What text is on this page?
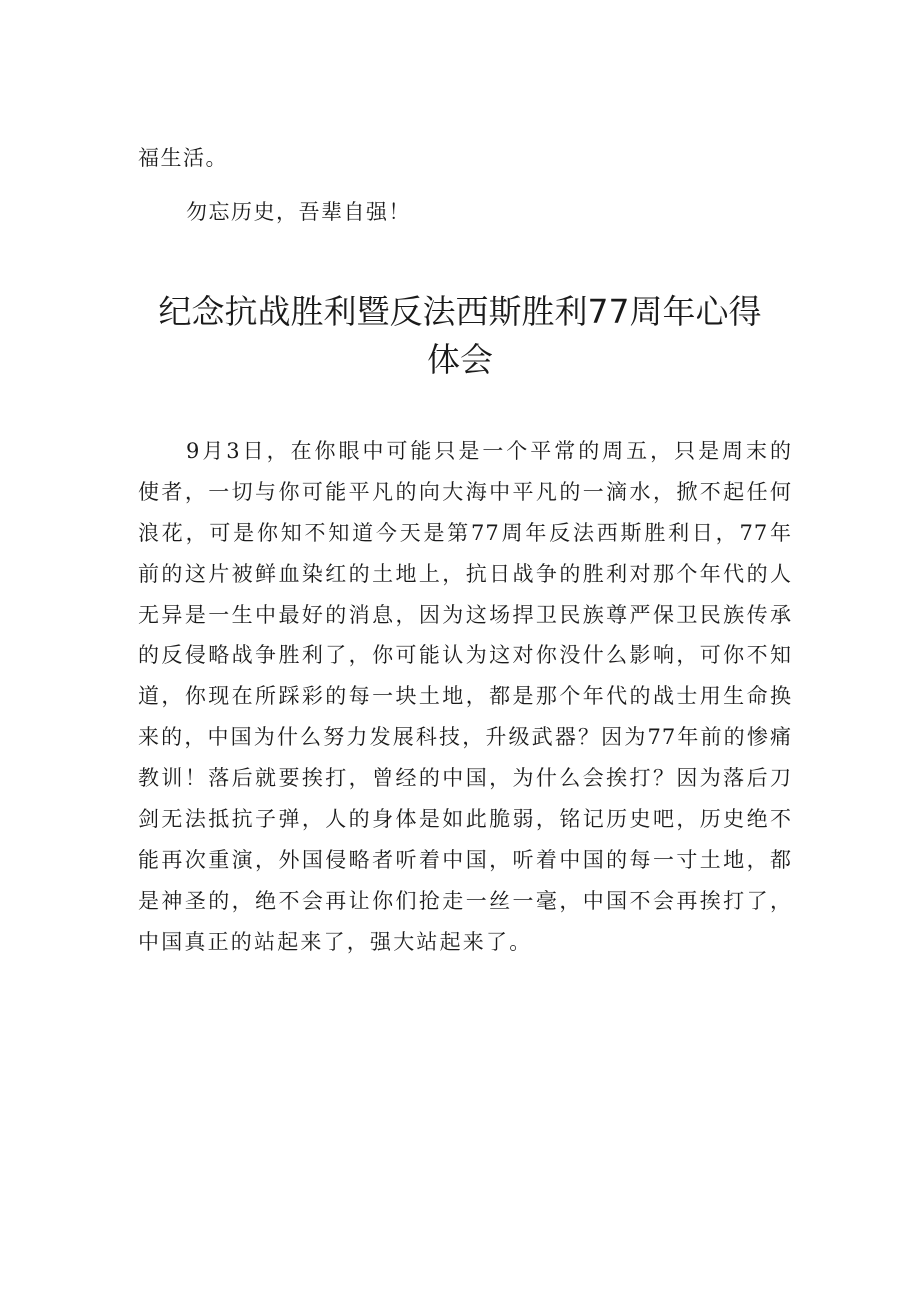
福生活。

勿忘历史，吾辈自强！

纪念抗战胜利暨反法西斯胜利77周年心得
体会
9月3日，在你眼中可能只是一个平常的周五，只是周末的
使者，一切与你可能平凡的向大海中平凡的一滴水，掀不起任何
浪花，可是你知不知道今天是第77周年反法西斯胜利日，77年
前的这片被鲜血染红的土地上，抗日战争的胜利对那个年代的人
无异是一生中最好的消息，因为这场捍卫民族尊严保卫民族传承
的反侵略战争胜利了，你可能认为这对你没什么影响，可你不知
道，你现在所踩彩的每一块土地，都是那个年代的战士用生命换
来的，中国为什么努力发展科技，升级武器？因为77年前的惨痛
教训！落后就要挨打，曾经的中国，为什么会挨打？因为落后刀
剑无法抵抗子弹，人的身体是如此脆弱，铭记历史吧，历史绝不
能再次重演，外国侵略者听着中国，听着中国的每一寸土地，都
是神圣的，绝不会再让你们抢走一丝一毫，中国不会再挨打了，
中国真正的站起来了，强大站起来了。
